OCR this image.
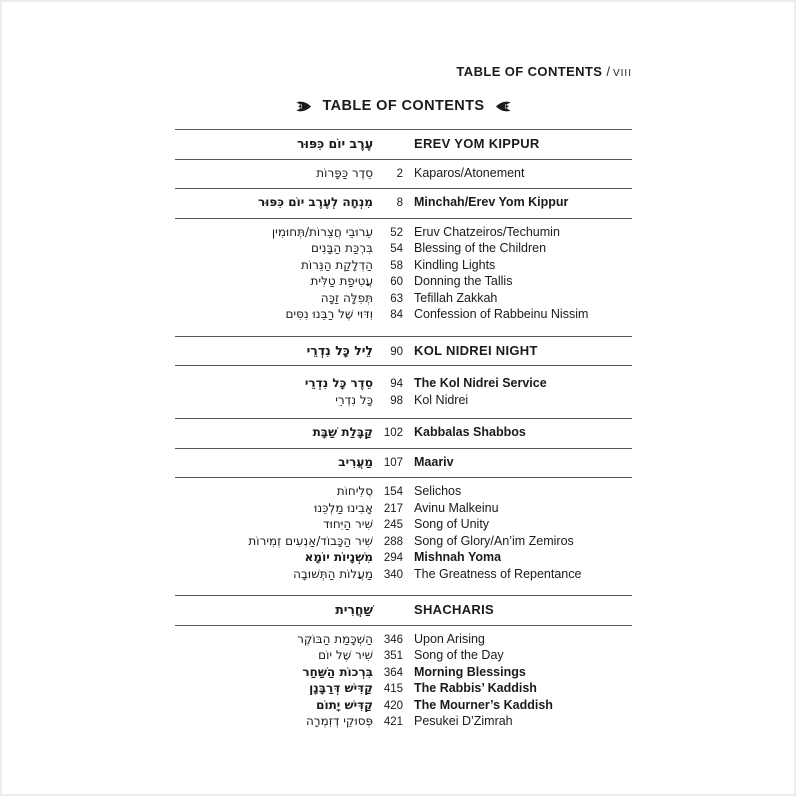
TABLE OF CONTENTS / VIII
TABLE OF CONTENTS
עֶרֶב יוֹם כִּפּוּר	EREV YOM KIPPUR
סֵדֶר כַּפָּרוֹת	2 Kaparos/Atonement
מִנְחָה לְעֶרֶב יוֹם כִּפּוּר	8 Minchah/Erev Yom Kippur
עֵרוּבֵי חֲצֵרוֹת/תְּחוּמִין	52 Eruv Chatzeiros/Techumin
בִּרְכַּת הַבָּנִים	54 Blessing of the Children
הַדְלָקַת הַנֵּרוֹת	58 Kindling Lights
עֲטִיפַת טַלִּית	60 Donning the Tallis
תְּפִלָּה זַכָּה	63 Tefillah Zakkah
וִדּוּי שֶׁל רַבֵּנוּ נִסִּים	84 Confession of Rabbeinu Nissim
לֵיל כָּל נִדְרֵי	90 KOL NIDREI NIGHT
סֵדֶר כָּל נִדְרֵי	94 The Kol Nidrei Service
כָּל נִדְרֵי	98 Kol Nidrei
קַבָּלַת שַׁבָּת 102 Kabbalas Shabbos
מַעֲרִיב 107 Maariv
סְלִיחוֹת 154 Selichos
אָבִינוּ מַלְכֵּנוּ 217 Avinu Malkeinu
שִׁיר הַיִּחוּד 245 Song of Unity
שִׁיר הַכָּבוֹד/אַנְעִים זְמִירוֹת 288 Song of Glory/An’im Zemiros
מִשְׁנָיוֹת יוֹמָא 294 Mishnah Yoma
מַעֲלוֹת הַתְּשׁוּבָה 340 The Greatness of Repentance
שַׁחֲרִית	SHACHARIS
הַשְׁכָּמַת הַבּוֹקֶר 346 Upon Arising
שִׁיר שֶׁל יוֹם 351 Song of the Day
בִּרְכוֹת הַשַּׁחַר 364 Morning Blessings
קַדִּישׁ דְּרַבָּנָן 415 The Rabbis’ Kaddish
קַדִּישׁ יָתוֹם 420 The Mourner’s Kaddish
פְּסוּקֵי דְזִמְרָה 421 Pesukei D’Zimrah
